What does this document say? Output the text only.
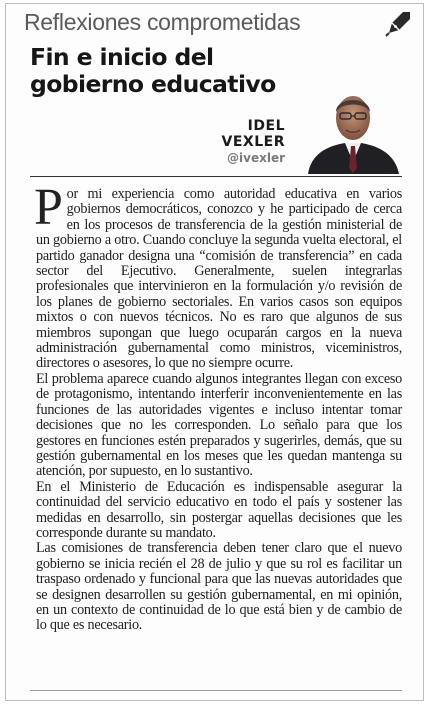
Reflexiones comprometidas
Fin e inicio del
gobierno educativo
IDEL
VEXLER
@ivexler

Por mi experiencia como autoridad educativa en varios gobiernos democráticos, conozco y he participado de cerca en los procesos de transferencia de la gestión ministerial de un gobierno a otro. Cuando concluye la segunda vuelta electoral, el partido ganador designa una “comisión de transferencia” en cada sector del Ejecutivo. Generalmente, suelen integrarlas profesionales que intervinieron en la formulación y/o revisión de los planes de gobierno sectoriales. En varios casos son equipos mixtos o con nuevos técnicos. No es raro que algunos de sus miembros supongan que luego ocuparán cargos en la nueva administración gubernamental como ministros, viceministros, directores o asesores, lo que no siempre ocurre.

El problema aparece cuando algunos integrantes llegan con exceso de protagonismo, intentando interferir inconvenientemente en las funciones de las autoridades vigentes e incluso intentar tomar decisiones que no les corresponden. Lo señalo para que los gestores en funciones estén preparados y sugerirles, demás, que su gestión gubernamental en los meses que les quedan mantenga su atención, por supuesto, en lo sustantivo.

En el Ministerio de Educación es indispensable asegurar la continuidad del servicio educativo en todo el país y sostener las medidas en desarrollo, sin postergar aquellas decisiones que les corresponde durante su mandato.

Las comisiones de transferencia deben tener claro que el nuevo gobierno se inicia recién el 28 de julio y que su rol es facilitar un traspaso ordenado y funcional para que las nuevas autoridades que se designen desarrollen su gestión gubernamental, en mi opinión, en un contexto de continuidad de lo que está bien y de cambio de lo que es necesario.
